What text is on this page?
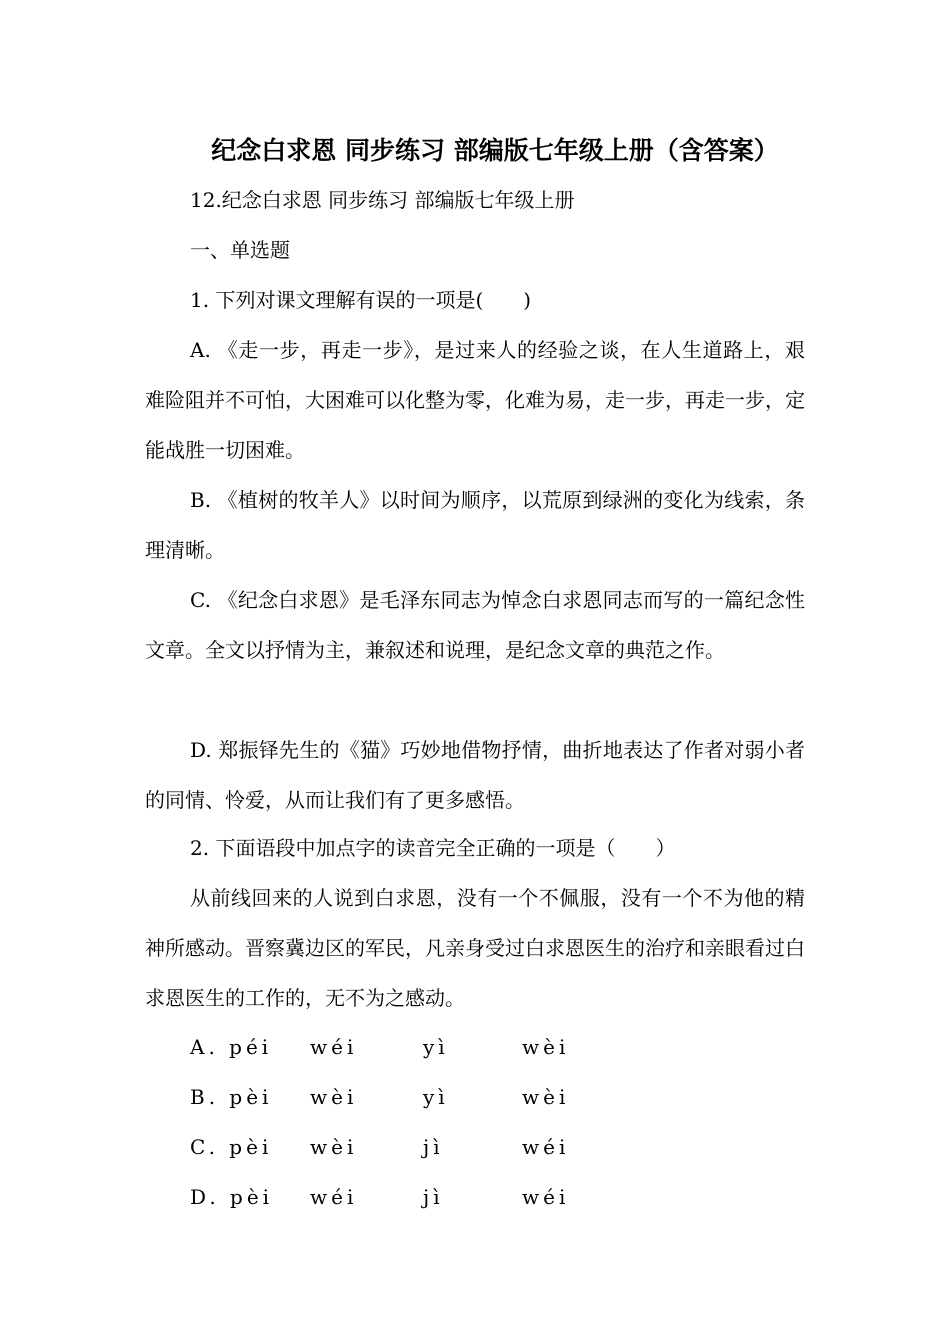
纪念白求恩 同步练习 部编版七年级上册（含答案）
12.纪念白求恩 同步练习 部编版七年级上册
一、单选题
1. 下列对课文理解有误的一项是(　　)
A. 《走一步，再走一步》，是过来人的经验之谈，在人生道路上，艰难险阻并不可怕，大困难可以化整为零，化难为易，走一步，再走一步，定能战胜一切困难。
B. 《植树的牧羊人》以时间为顺序，以荒原到绿洲的变化为线索，条理清晰。
C. 《纪念白求恩》是毛泽东同志为悼念白求恩同志而写的一篇纪念性文章。全文以抒情为主，兼叙述和说理，是纪念文章的典范之作。
D. 郑振铎先生的《猫》巧妙地借物抒情，曲折地表达了作者对弱小者的同情、怜爱，从而让我们有了更多感悟。
2. 下面语段中加点字的读音完全正确的一项是（　　）
从前线回来的人说到白求恩，没有一个不佩服，没有一个不为他的精神所感动。晋察冀边区的军民，凡亲身受过白求恩医生的治疗和亲眼看过白求恩医生的工作的，无不为之感动。
A. péi wéi	yì	wèi
B. pèi wèi	yì	wèi
C. pèi wèi	jì	wéi
D. pèi wéi	jì	wéi
